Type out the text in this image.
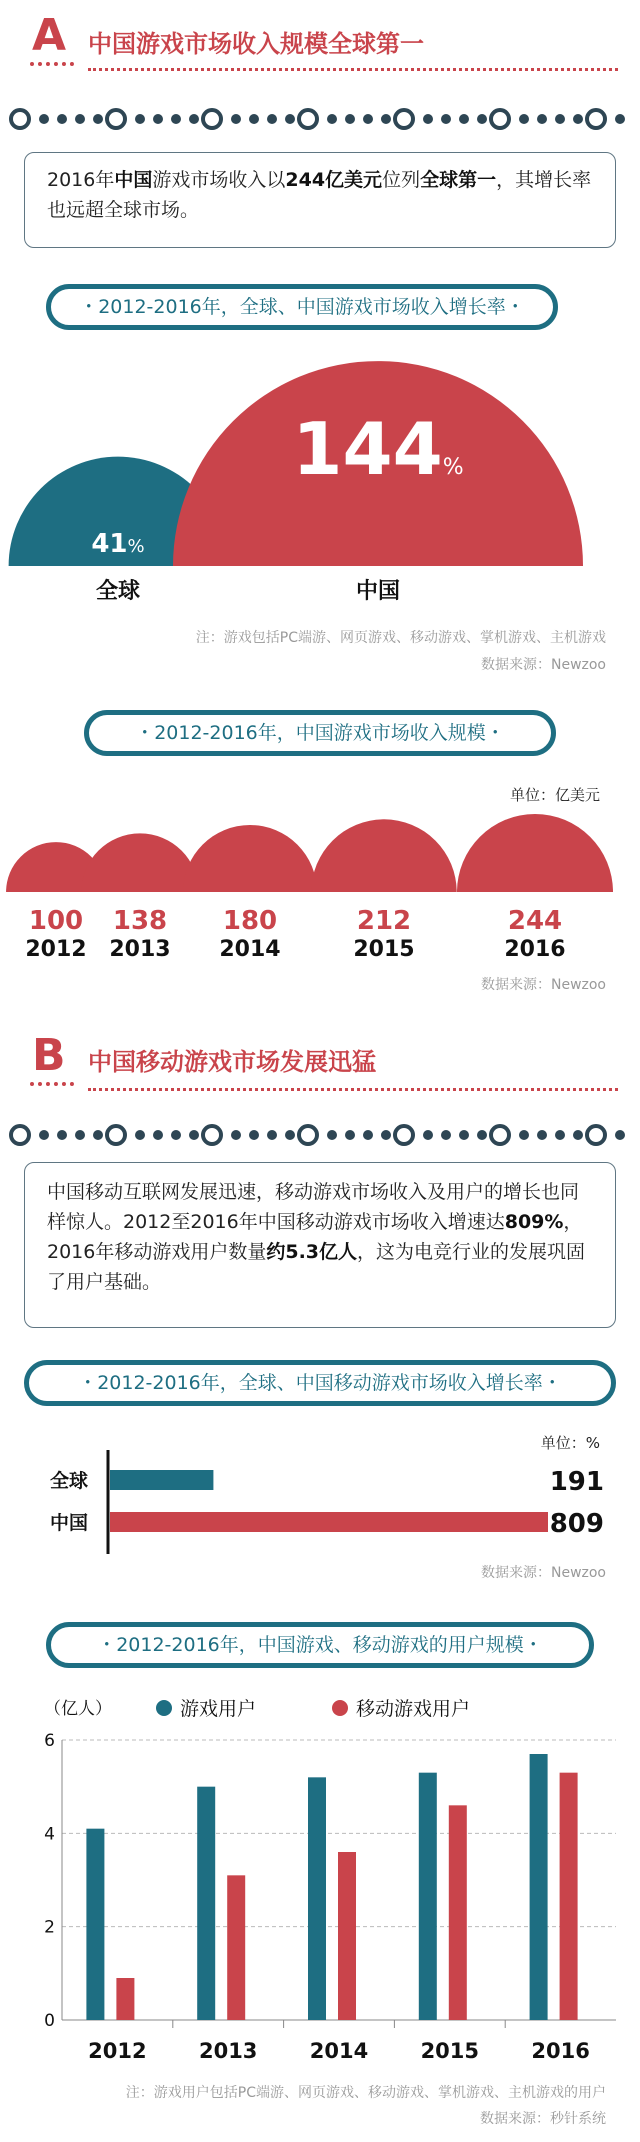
A 中国游戏市场收入规模全球第一
2016年中国游戏市场收入以244亿美元位列全球第一，其增长率也远超全球市场。
・2012-2016年，全球、中国游戏市场收入增长率・
41%
全球
144%
中国
注：游戏包括PC端游、网页游戏、移动游戏、掌机游戏、主机游戏
数据来源：Newzoo
・2012-2016年，中国游戏市场收入规模・
单位：亿美元
100
2012
138
2013
180
2014
212
2015
244
2016
数据来源：Newzoo
B 中国移动游戏市场发展迅猛
中国移动互联网发展迅速，移动游戏市场收入及用户的增长也同样惊人。2012至2016年中国移动游戏市场收入增速达809%，2016年移动游戏用户数量约5.3亿人，这为电竞行业的发展巩固了用户基础。
・2012-2016年，全球、中国移动游戏市场收入增长率・
单位：%
全球	191
中国	809
数据来源：Newzoo
・2012-2016年，中国游戏、移动游戏的用户规模・
（亿人）	游戏用户	移动游戏用户
0
2
4
6
2012 2013 2014 2015 2016
注：游戏用户包括PC端游、网页游戏、移动游戏、掌机游戏、主机游戏的用户
数据来源：秒针系统
